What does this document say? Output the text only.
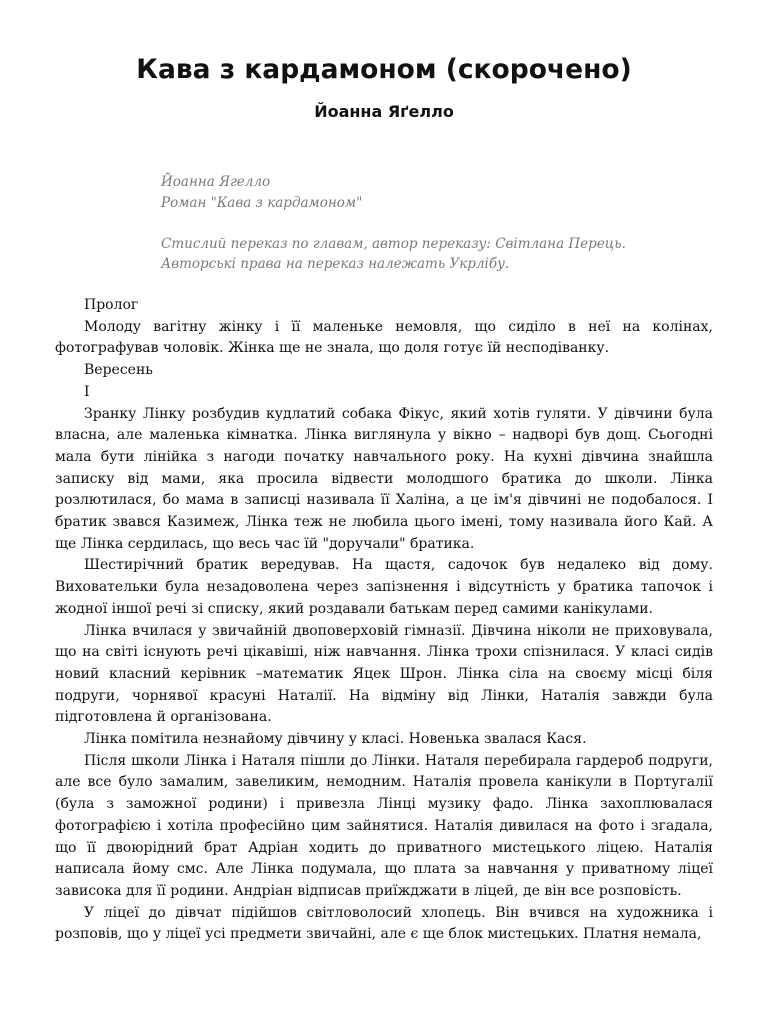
Кава з кардамоном (скорочено)
Йоанна Яґелло

Йоанна Ягелло

Роман "Кава з кардамоном"

Стислий переказ по главам, автор переказу: Світлана Перець.

Авторські права на переказ належать Укрлібу.

Пролог

Молоду вагітну жінку і її маленьке немовля, що сиділо в неї на колінах, фотографував чоловік. Жінка ще не знала, що доля готує їй несподіванку.

Вересень

I

Зранку Лінку розбудив кудлатий собака Фікус, який хотів гуляти. У дівчини була власна, але маленька кімнатка. Лінка виглянула у вікно – надворі був дощ. Сьогодні мала бути лінійка з нагоди початку навчального року. На кухні дівчина знайшла записку від мами, яка просила відвести молодшого братика до школи. Лінка розлютилася, бо мама в записці називала її Халіна, а це ім'я дівчині не подобалося. І братик звався Казимеж, Лінка теж не любила цього імені, тому називала його Кай. А ще Лінка сердилась, що весь час їй "доручали" братика.

Шестирічний братик вередував. На щастя, садочок був недалеко від дому. Виховательки була незадоволена через запізнення і відсутність у братика тапочок і жодної іншої речі зі списку, який роздавали батькам перед самими канікулами.

Лінка вчилася у звичайній двоповерховій гімназії. Дівчина ніколи не приховувала, що на світі існують речі цікавіші, ніж навчання. Лінка трохи спізнилася. У класі сидів новий класний керівник –математик Яцек Шрон. Лінка сіла на своєму місці біля подруги, чорнявої красуні Наталії. На відміну від Лінки, Наталія завжди була підготовлена й організована.

Лінка помітила незнайому дівчину у класі. Новенька звалася Кася.

Після школи Лінка і Наталя пішли до Лінки. Наталя перебирала гардероб подруги, але все було замалим, завеликим, немодним. Наталія провела канікули в Португалії (була з заможної родини) і привезла Лінці музику фадо. Лінка захоплювалася фотографією і хотіла професійно цим зайнятися. Наталія дивилася на фото і згадала, що її двоюрідний брат Адріан ходить до приватного мистецького ліцею. Наталія написала йому смс. Але Лінка подумала, що плата за навчання у приватному ліцеї зависока для її родини. Андріан відписав приїжджати в ліцей, де він все розповість.

У ліцеї до дівчат підійшов світловолосий хлопець. Він вчився на художника і розповів, що у ліцеї усі предмети звичайні, але є ще блок мистецьких. Платня немала,
